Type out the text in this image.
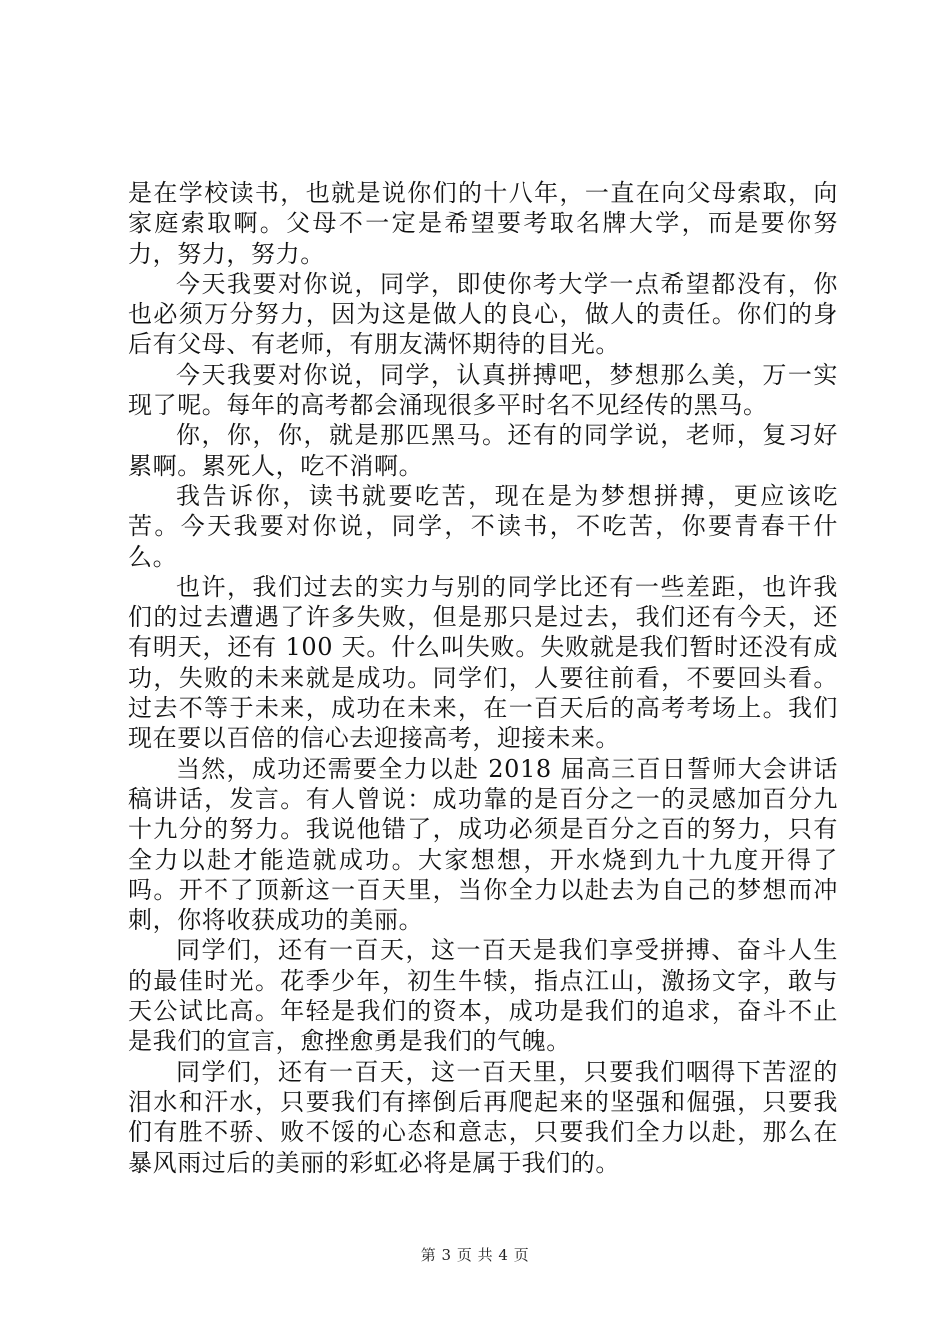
是在学校读书，也就是说你们的十八年，一直在向父母索取，向家庭索取啊。父母不一定是希望要考取名牌大学，而是要你努力，努力，努力。

今天我要对你说，同学，即使你考大学一点希望都没有，你也必须万分努力，因为这是做人的良心，做人的责任。你们的身后有父母、有老师，有朋友满怀期待的目光。

今天我要对你说，同学，认真拼搏吧，梦想那么美，万一实现了呢。每年的高考都会涌现很多平时名不见经传的黑马。

你，你，你，就是那匹黑马。还有的同学说，老师，复习好累啊。累死人，吃不消啊。

我告诉你，读书就要吃苦，现在是为梦想拼搏，更应该吃苦。今天我要对你说，同学，不读书，不吃苦，你要青春干什么。

也许，我们过去的实力与别的同学比还有一些差距，也许我们的过去遭遇了许多失败，但是那只是过去，我们还有今天，还有明天，还有 100 天。什么叫失败。失败就是我们暂时还没有成功，失败的未来就是成功。同学们，人要往前看，不要回头看。过去不等于未来，成功在未来，在一百天后的高考考场上。我们现在要以百倍的信心去迎接高考，迎接未来。

当然，成功还需要全力以赴 2018 届高三百日誓师大会讲话稿讲话，发言。有人曾说：成功靠的是百分之一的灵感加百分九十九分的努力。我说他错了，成功必须是百分之百的努力，只有全力以赴才能造就成功。大家想想，开水烧到九十九度开得了吗。开不了顶新这一百天里，当你全力以赴去为自己的梦想而冲刺，你将收获成功的美丽。

同学们，还有一百天，这一百天是我们享受拼搏、奋斗人生的最佳时光。花季少年，初生牛犊，指点江山，激扬文字，敢与天公试比高。年轻是我们的资本，成功是我们的追求，奋斗不止是我们的宣言，愈挫愈勇是我们的气魄。

同学们，还有一百天，这一百天里，只要我们咽得下苦涩的泪水和汗水，只要我们有摔倒后再爬起来的坚强和倔强，只要我们有胜不骄、败不馁的心态和意志，只要我们全力以赴，那么在暴风雨过后的美丽的彩虹必将是属于我们的。

第 3 页 共 4 页
